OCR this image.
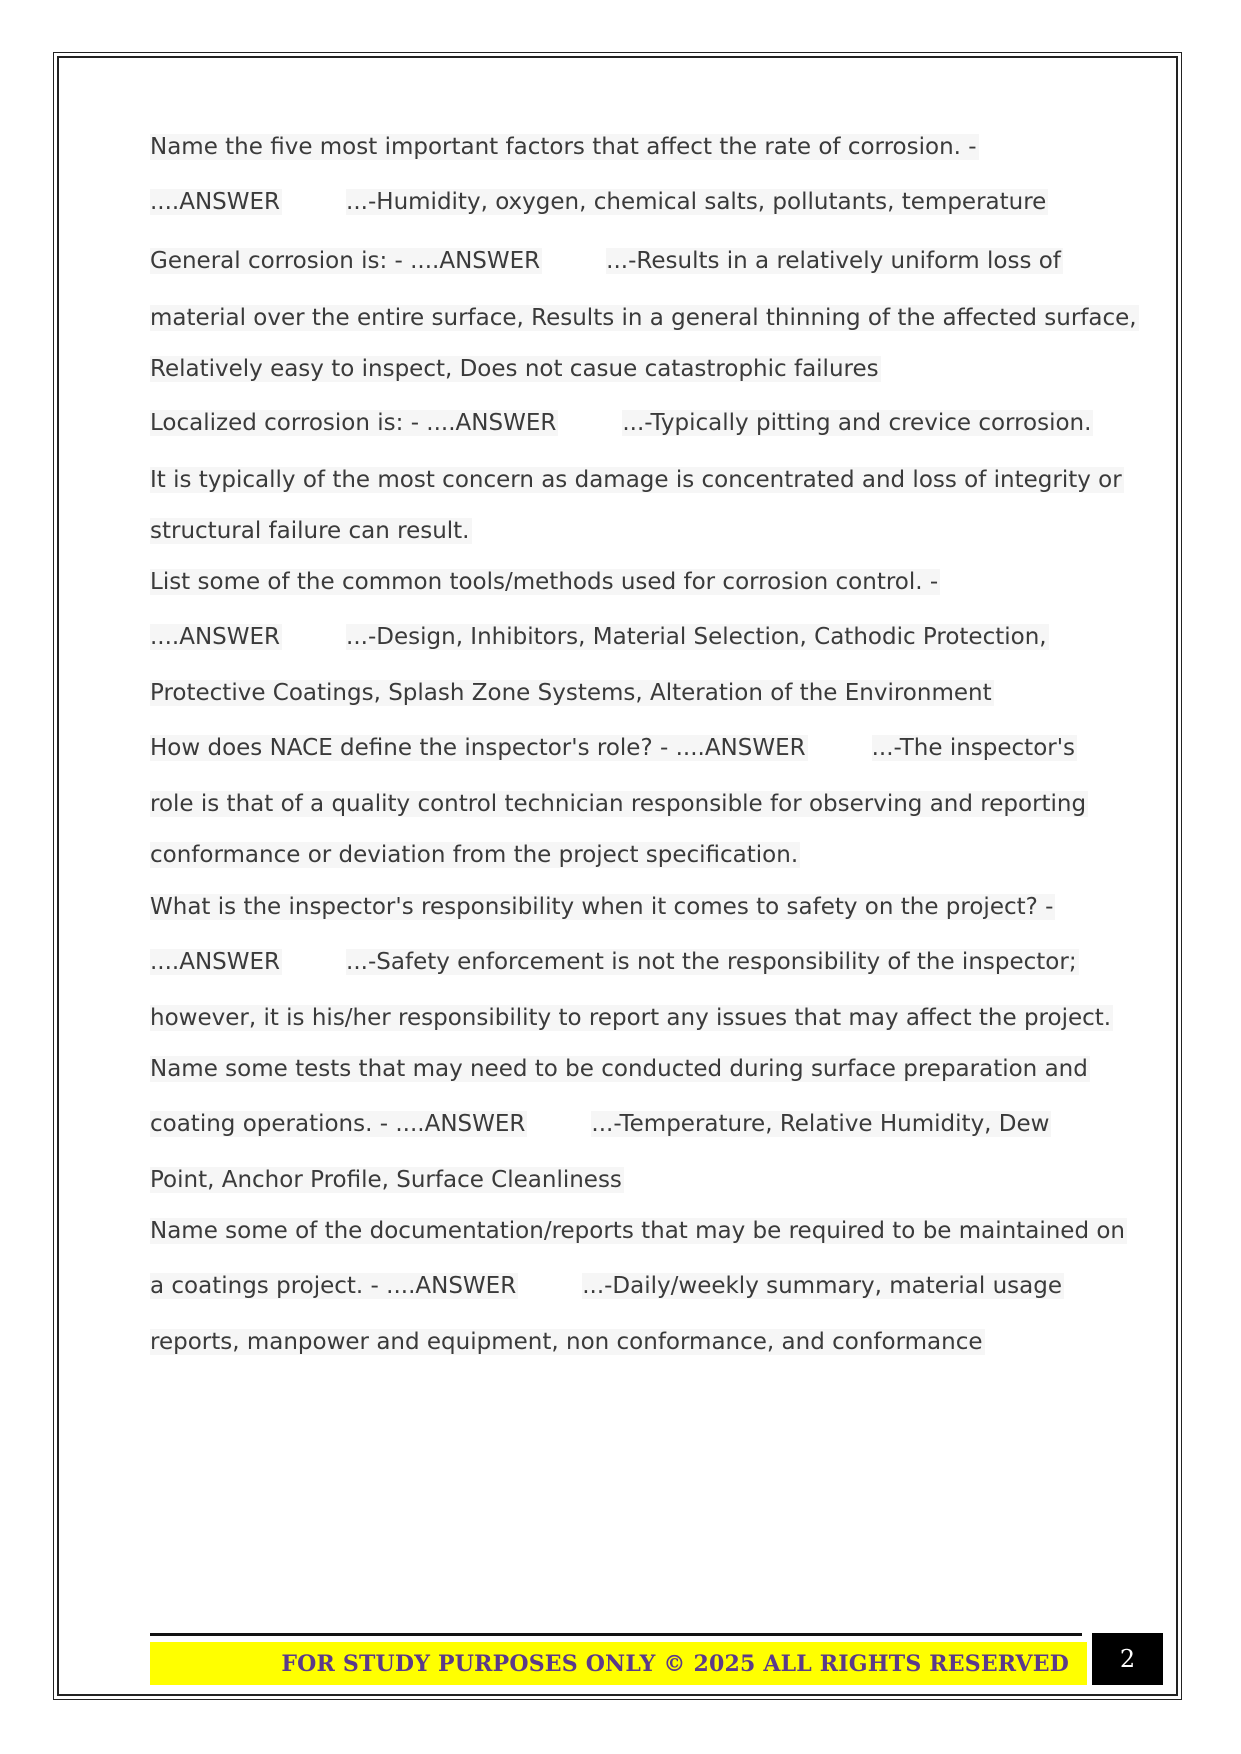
Name the five most important factors that affect the rate of corrosion. -
....ANSWER	...-Humidity, oxygen, chemical salts, pollutants, temperature
General corrosion is: - ....ANSWER	...-Results in a relatively uniform loss of
material over the entire surface, Results in a general thinning of the affected surface,
Relatively easy to inspect, Does not casue catastrophic failures
Localized corrosion is: - ....ANSWER	...-Typically pitting and crevice corrosion.
It is typically of the most concern as damage is concentrated and loss of integrity or
structural failure can result.
List some of the common tools/methods used for corrosion control. -
....ANSWER	...-Design, Inhibitors, Material Selection, Cathodic Protection,
Protective Coatings, Splash Zone Systems, Alteration of the Environment
How does NACE define the inspector's role? - ....ANSWER	...-The inspector's
role is that of a quality control technician responsible for observing and reporting
conformance or deviation from the project specification.
What is the inspector's responsibility when it comes to safety on the project? -
....ANSWER	...-Safety enforcement is not the responsibility of the inspector;
however, it is his/her responsibility to report any issues that may affect the project.
Name some tests that may need to be conducted during surface preparation and
coating operations. - ....ANSWER	...-Temperature, Relative Humidity, Dew
Point, Anchor Profile, Surface Cleanliness
Name some of the documentation/reports that may be required to be maintained on
a coatings project. - ....ANSWER	...-Daily/weekly summary, material usage
reports, manpower and equipment, non conformance, and conformance
FOR STUDY PURPOSES ONLY © 2025 ALL RIGHTS RESERVED 2
